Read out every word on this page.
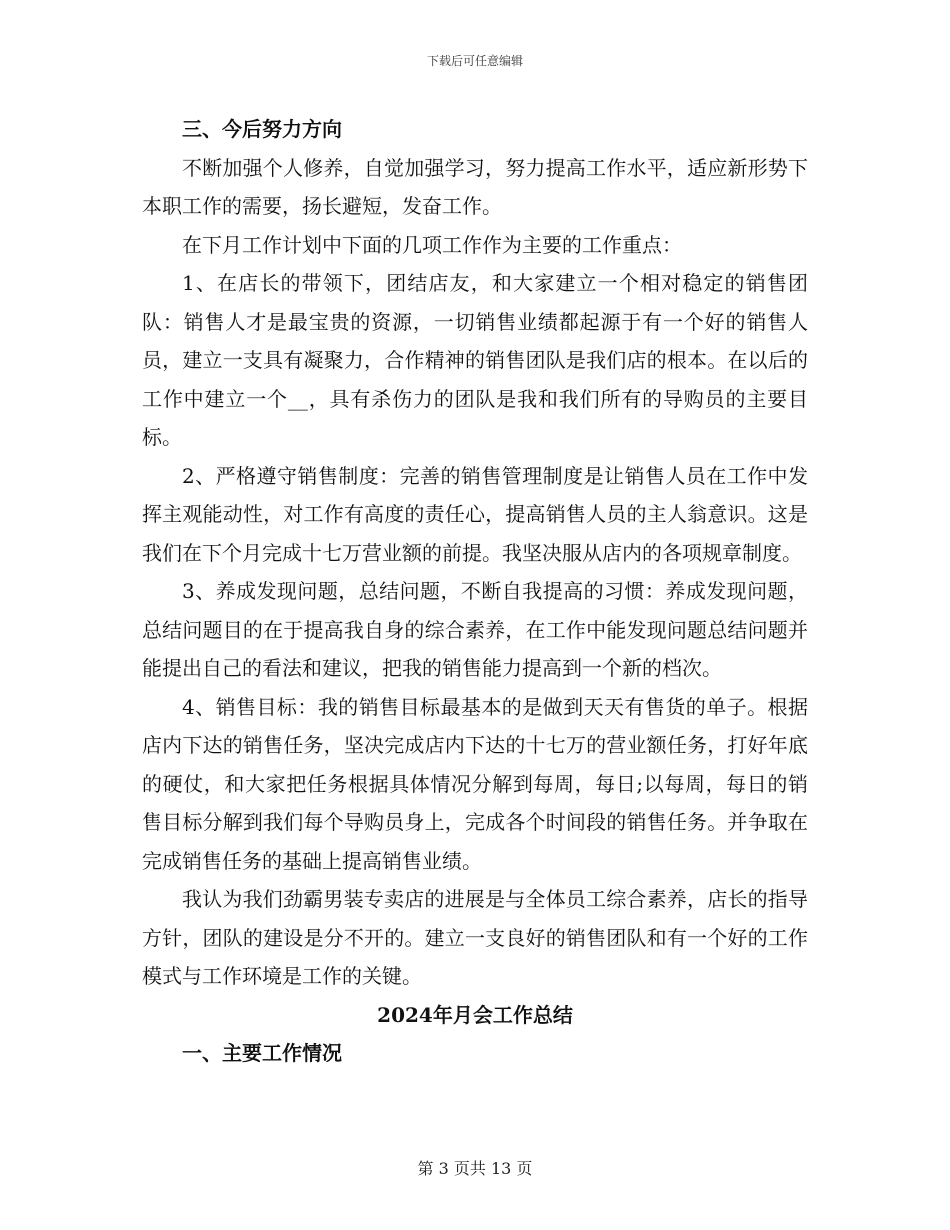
下载后可任意编辑

三、今后努力方向

不断加强个人修养，自觉加强学习，努力提高工作水平，适应新形势下本职工作的需要，扬长避短，发奋工作。

在下月工作计划中下面的几项工作作为主要的工作重点：

1、在店长的带领下，团结店友，和大家建立一个相对稳定的销售团队：销售人才是最宝贵的资源，一切销售业绩都起源于有一个好的销售人员，建立一支具有凝聚力，合作精神的销售团队是我们店的根本。在以后的工作中建立一个__，具有杀伤力的团队是我和我们所有的导购员的主要目标。

2、严格遵守销售制度：完善的销售管理制度是让销售人员在工作中发挥主观能动性，对工作有高度的责任心，提高销售人员的主人翁意识。这是我们在下个月完成十七万营业额的前提。我坚决服从店内的各项规章制度。

3、养成发现问题，总结问题，不断自我提高的习惯：养成发现问题，总结问题目的在于提高我自身的综合素养，在工作中能发现问题总结问题并能提出自己的看法和建议，把我的销售能力提高到一个新的档次。

4、销售目标：我的销售目标最基本的是做到天天有售货的单子。根据店内下达的销售任务，坚决完成店内下达的十七万的营业额任务，打好年底的硬仗，和大家把任务根据具体情况分解到每周，每日;以每周，每日的销售目标分解到我们每个导购员身上，完成各个时间段的销售任务。并争取在完成销售任务的基础上提高销售业绩。

我认为我们劲霸男装专卖店的进展是与全体员工综合素养，店长的指导方针，团队的建设是分不开的。建立一支良好的销售团队和有一个好的工作模式与工作环境是工作的关键。

2024年月会工作总结

一、主要工作情况

第 3 页共 13 页
